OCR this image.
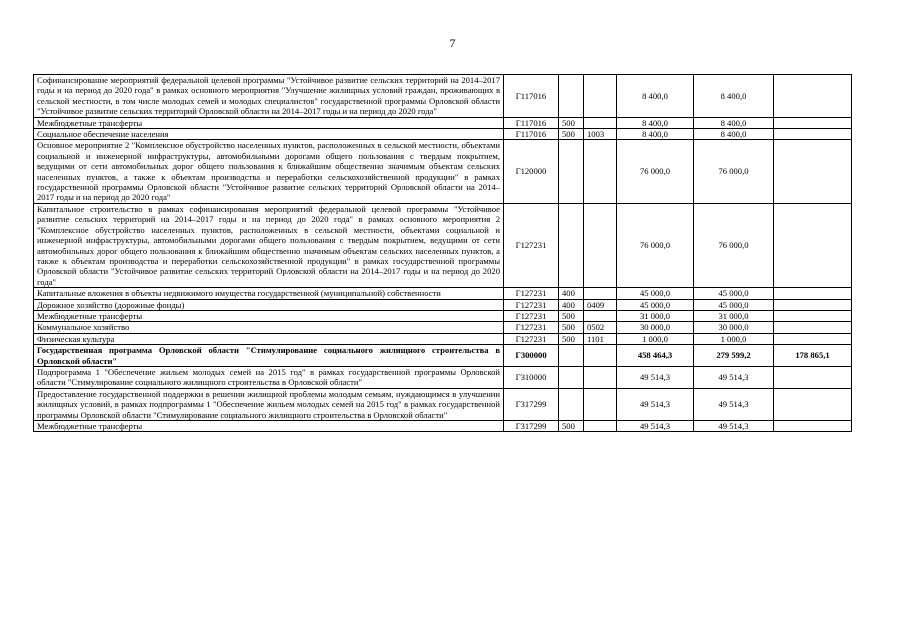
7
Софинансирование мероприятий федеральной целевой программы "Устойчивое развитие сельских территорий на 2014–2017 годы и на период до 2020 года" в рамках основного мероприятия "Улучшение жилищных условий граждан, проживающих в сельской местности, в том числе молодых семей и молодых специалистов" государственной программы Орловской области "Устойчивое развитие сельских территорий Орловской области на 2014–2017 годы и на период до 2020 года"	Г117016			8 400,0	8 400,0	
Межбюджетные трансферты	Г117016	500		8 400,0	8 400,0	
Социальное обеспечение населения	Г117016	500	1003	8 400,0	8 400,0	
Основное мероприятие 2 "Комплексное обустройство населенных пунктов, расположенных в сельской местности, объектами социальной и инженерной инфраструктуры, автомобильными дорогами общего пользования с твердым покрытием, ведущими от сети автомобильных дорог общего пользования к ближайшим общественно значимым объектам сельских населенных пунктов, а также к объектам производства и переработки сельскохозяйственной продукции" в рамках государственной программы Орловской области "Устойчивое развитие сельских территорий Орловской области на 2014–2017 годы и на период до 2020 года"	Г120000			76 000,0	76 000,0	
Капитальное строительство в рамках софинансирования мероприятий федеральной целевой программы "Устойчивое развитие сельских территорий на 2014–2017 годы и на период до 2020 года" в рамках основного мероприятия 2 "Комплексное обустройство населенных пунктов, расположенных в сельской местности, объектами социальной и инженерной инфраструктуры, автомобильными дорогами общего пользования с твердым покрытием, ведущими от сети автомобильных дорог общего пользования к ближайшим общественно значимым объектам сельских населенных пунктов, а также к объектам производства и переработки сельскохозяйственной продукции" в рамках государственной программы Орловской области "Устойчивое развитие сельских территорий Орловской области на 2014–2017 годы и на период до 2020 года"	Г127231			76 000,0	76 000,0	
Капитальные вложения в объекты недвижимого имущества государственной (муниципальной) собственности	Г127231	400		45 000,0	45 000,0	
Дорожное хозяйство (дорожные фонды)	Г127231	400	0409	45 000,0	45 000,0	
Межбюджетные трансферты	Г127231	500		31 000,0	31 000,0	
Коммунальное хозяйство	Г127231	500	0502	30 000,0	30 000,0	
Физическая культура	Г127231	500	1101	1 000,0	1 000,0	
Государственная программа Орловской области "Стимулирование социального жилищного строительства в Орловской области"	Г300000			458 464,3	279 599,2	178 865,1
Подпрограмма 1 "Обеспечение жильем молодых семей на 2015 год" в рамках государственной программы Орловской области "Стимулирование социального жилищного строительства в Орловской области"	Г310000			49 514,3	49 514,3	
Предоставление государственной поддержки в решении жилищной проблемы молодым семьям, нуждающимся в улучшении жилищных условий, в рамках подпрограммы 1 "Обеспечение жильем молодых семей на 2015 год" в рамках государственной программы Орловской области "Стимулирование социального жилищного строительства в Орловской области"	Г317299			49 514,3	49 514,3	
Межбюджетные трансферты	Г317299	500		49 514,3	49 514,3	
